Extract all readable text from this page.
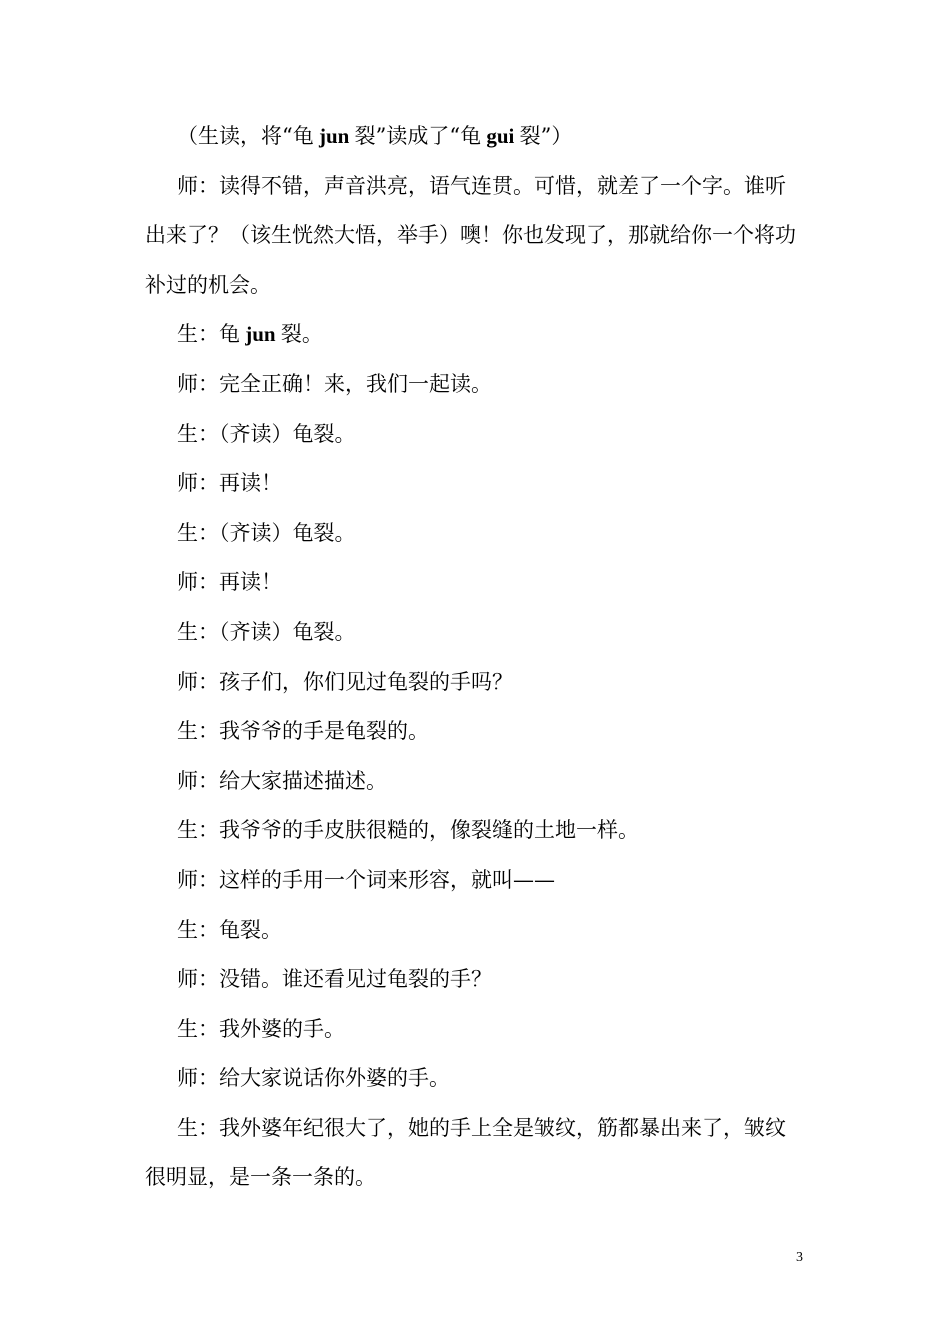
（生读，将“龟 jun 裂”读成了“龟 gui 裂”）

师：读得不错，声音洪亮，语气连贯。可惜，就差了一个字。谁听出来了？（该生恍然大悟，举手）噢！你也发现了，那就给你一个将功补过的机会。

生：龟 jun 裂。

师：完全正确！来，我们一起读。

生：（齐读）龟裂。

师：再读！

生：（齐读）龟裂。

师：再读！

生：（齐读）龟裂。

师：孩子们，你们见过龟裂的手吗？

生：我爷爷的手是龟裂的。

师：给大家描述描述。

生：我爷爷的手皮肤很糙的，像裂缝的土地一样。

师：这样的手用一个词来形容，就叫——

生：龟裂。

师：没错。谁还看见过龟裂的手？

生：我外婆的手。

师：给大家说话你外婆的手。

生：我外婆年纪很大了，她的手上全是皱纹，筋都暴出来了，皱纹很明显，是一条一条的。

3
